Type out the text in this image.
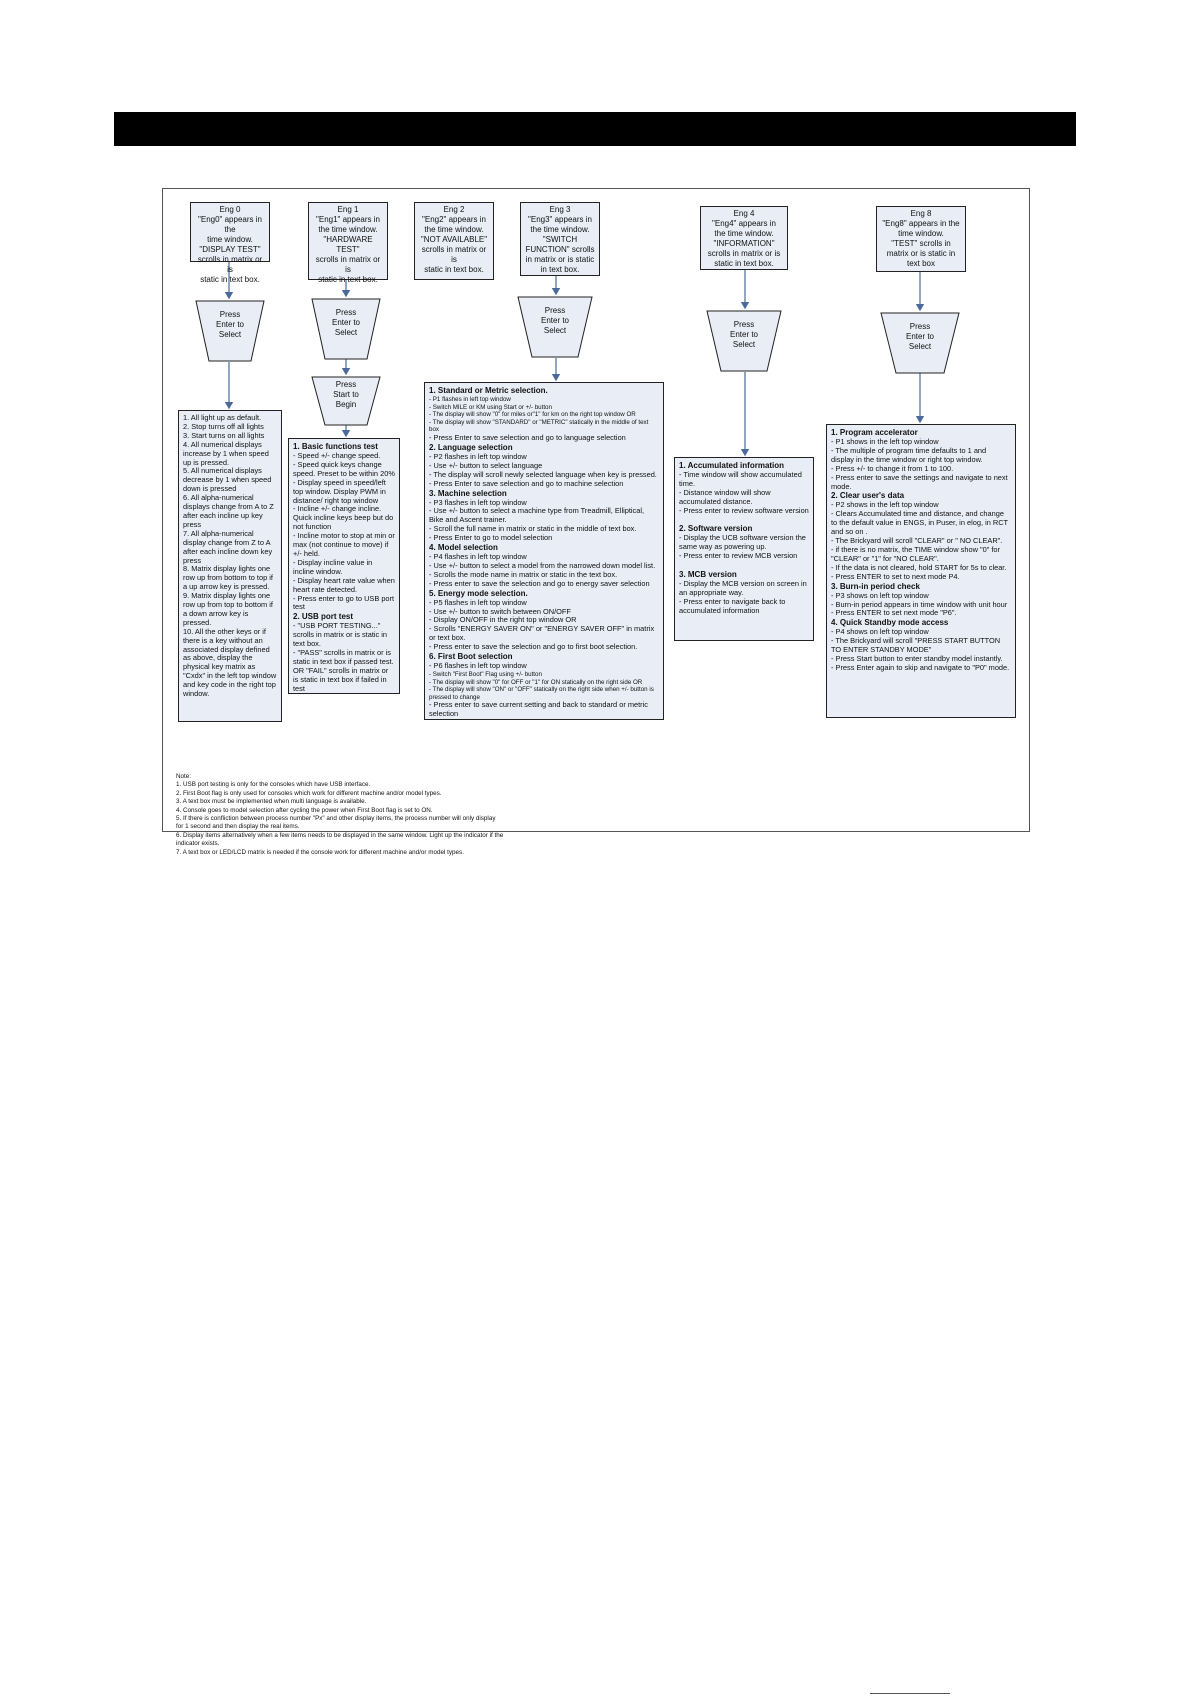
Eng 0
"Eng0" appears in the
time window.
"DISPLAY TEST"
scrolls in matrix or is
static in text box.
Eng 1
"Eng1" appears in
the time window.
"HARDWARE TEST"
scrolls in matrix or is
static in text box.
Eng 2
"Eng2" appears in
the time window.
"NOT AVAILABLE"
scrolls in matrix or is
static in text box.
Eng 3
"Eng3" appears in
the time window.
"SWITCH
FUNCTION" scrolls
in matrix or is static
in text box.
Eng 4
"Eng4" appears in
the time window.
"INFORMATION"
scrolls in matrix or is
static in text box.
Eng 8
"Eng8" appears in the
time window.
"TEST" scrolls in
matrix or is static in
text box
Press
Enter to
Select
Press
Enter to
Select
Press
Start to
Begin
Press
Enter to
Select
Press
Enter to
Select
Press
Enter to
Select
1. All light up as default.
2. Stop turns off all lights
3. Start turns on all lights
4. All numerical displays increase by 1 when speed up is pressed.
5. All numerical displays decrease by 1 when speed down is pressed
6. All alpha-numerical displays change from A to Z after each incline up key press
7. All alpha-numerical display change from Z to A after each incline down key press
8. Matrix display lights one row up from bottom to top if a up arrow key is pressed.
9. Matrix display lights one row up from top to bottom if a down arrow key is pressed.
10. All the other keys or if there is a key without an associated display defined as above, display the physical key matrix as "Cxdx" in the left top window and key code in the right top window.
1. Basic functions test
- Speed +/- change speed.
- Speed quick keys change speed. Preset to be within 20%
- Display speed in speed/left top window. Display PWM in distance/ right top window
- Incline +/- change incline. Quick incline keys beep but do not function
- Incline motor to stop at min or max (not continue to move) if +/- held.
- Display incline value in incline window.
- Display heart rate value when heart rate detected.
- Press enter to go to USB port test
2. USB port test
- "USB PORT TESTING..." scrolls in matrix or is static in text box.
- "PASS" scrolls in matrix or is static in text box if passed test. OR "FAIL" scrolls in matrix or is static in text box if failed in test
1. Standard or Metric selection.
- P1 flashes in left top window
- Switch MILE or KM using Start or +/- button
- The display will show "0" for miles or"1" for km on the right top window OR
- The display will show "STANDARD" or "METRIC" statically in the middle of text box
- Press Enter to save selection and go to language selection
2. Language selection
- P2 flashes in left top window
- Use +/- button to select language
- The display will scroll newly selected language when key is pressed.
- Press Enter to save selection and go to machine selection
3. Machine selection
- P3 flashes in left top window
- Use +/- button to select a machine type from Treadmill, Elliptical, Bike and Ascent trainer.
- Scroll the full name in matrix or static in the middle of text box.
- Press Enter to go to model selection
4. Model selection
- P4 flashes in left top window
- Use +/- button to select a model from the narrowed down model list.
- Scrolls the mode name in matrix or static in the text box.
- Press enter to save the selection and go to energy saver selection
5. Energy mode selection.
- P5 flashes in left top window
- Use +/- button to switch between ON/OFF
- Display ON/OFF in the right top window OR
- Scrolls "ENERGY SAVER ON" or "ENERGY SAVER OFF" in matrix or text box.
- Press enter to save the selection and go to first boot selection.
6. First Boot selection
- P6 flashes in left top window
- Switch "First Boot" Flag using +/- button
- The display will show "0" for OFF or "1" for ON statically on the right side OR
- The display will show "ON" or "OFF" statically on the right side when +/- button is pressed to change
- Press enter to save current setting and back to standard or metric selection
1. Accumulated information
- Time window will show accumulated time.
- Distance window will show accumulated distance.
- Press enter to review software version

2. Software version
- Display the UCB software version the same way as powering up.
- Press enter to review MCB version

3. MCB version
- Display the MCB version on screen in an appropriate way.
- Press enter to navigate back to accumulated information
1. Program accelerator
- P1 shows in the left top window
- The multiple of program time defaults to 1 and display in the time window or right top window.
- Press +/- to change it from 1 to 100.
- Press enter to save the settings and navigate to next mode.
2. Clear user's data
- P2 shows in the left top window
- Clears Accumulated time and distance, and change to the default value in ENGS, in Puser, in elog, in RCT and so on .
- The Brickyard will scroll "CLEAR" or " NO CLEAR".
- if there is no matrix, the TIME window show "0" for "CLEAR" or "1" for "NO CLEAR".
- If the data is not cleared, hold START for 5s to clear.
- Press ENTER to set to next mode P4.
3. Burn-in period check
- P3 shows on left top window
- Burn-in period appears in time window with unit hour
- Press ENTER to set next mode "P6".
4. Quick Standby mode access
- P4 shows on left top window
- The Brickyard will scroll "PRESS START BUTTON TO ENTER STANDBY MODE"
- Press Start button to enter standby model instantly.
- Press Enter again to skip and navigate to "P0" mode.
Note:
1. USB port testing is only for the consoles which have USB interface.
2. First Boot flag is only used for consoles which work for different machine and/or model types.
3. A text box must be implemented when multi language is available.
4. Console goes to model selection after cycling the power when First Boot flag is set to ON.
5. If there is confliction between process number "Px" and other display items, the process number will only display
for 1 second and then display the real items.
6. Display items alternatively when a few items needs to be displayed in the same window. Light up the indicator if the
indicator exists.
7. A text box or LED/LCD matrix is needed if the console work for different machine and/or model types.
